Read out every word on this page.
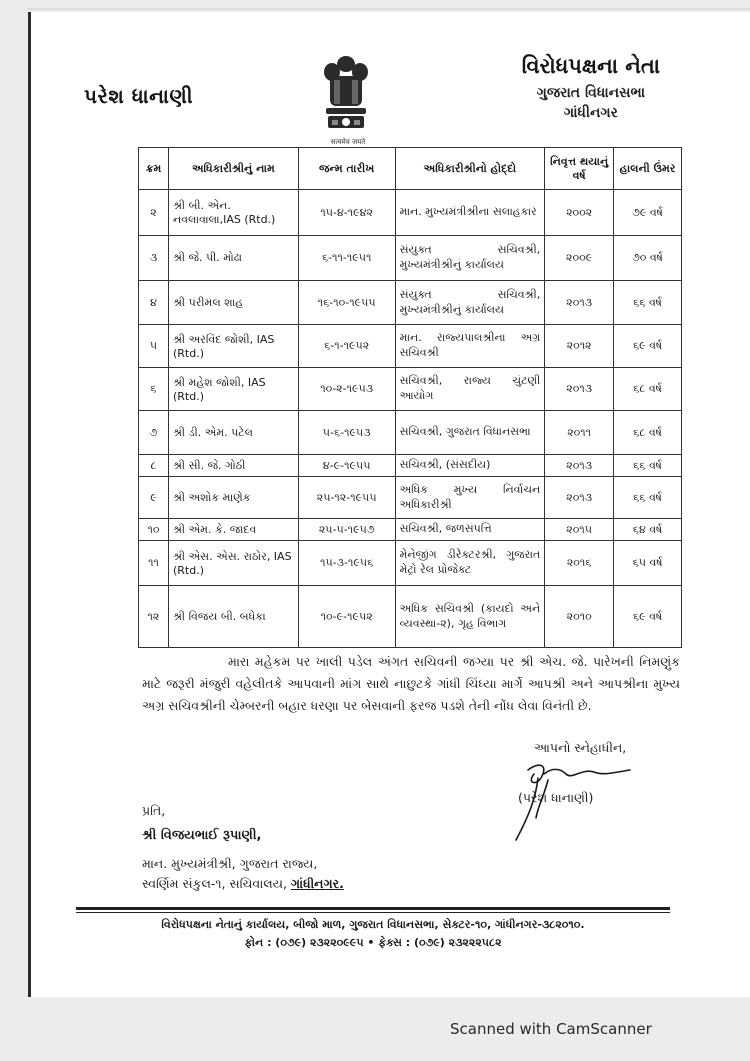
પરેશ ધાનાણી
सत्यमेव जयते
વિરોધપક્ષના નેતા
ગુજરાત વિધાનસભા
ગાંધીનગર
ક્રમ	અધિકારીશ્રીનું નામ	જન્મ તારીખ	અધિકારીશ્રીનો હોદ્દો	નિવૃત્ત થયાનું વર્ષ	હાલની ઉંમર
૨	શ્રી બી. એન. નવલાવાલા,IAS (Rtd.)	૧૫-૪-૧૯૪૨	માન. મુખ્યમંત્રીશ્રીના સલાહકાર	૨૦૦૨	૭૯ વર્ષ
૩	શ્રી જે. પી. મોઢા	૬-૧૧-૧૯૫૧	સંયુક્ત સચિવશ્રી, મુખ્યમંત્રીશ્રીનું કાર્યાલય	૨૦૦૯	૭૦ વર્ષ
૪	શ્રી પરીમલ શાહ	૧૬-૧૦-૧૯૫૫	સંયુક્ત સચિવશ્રી, મુખ્યમંત્રીશ્રીનું કાર્યાલય	૨૦૧૩	૬૬ વર્ષ
૫	શ્રી અરવિંદ જોશી, IAS (Rtd.)	૬-૧-૧૯૫૨	માન. રાજ્યપાલશ્રીના અગ્ર સચિવશ્રી	૨૦૧૨	૬૯ વર્ષ
૬	શ્રી મહેશ જોશી, IAS (Rtd.)	૧૦-૨-૧૯૫૩	સચિવશ્રી, રાજ્ય ચુંટણી આયોગ	૨૦૧૩	૬૮ વર્ષ
૭	શ્રી ડી. એમ. પટેલ	૫-૬-૧૯૫૩	સચિવશ્રી, ગુજરાત વિધાનસભા	૨૦૧૧	૬૮ વર્ષ
૮	શ્રી સી. જે. ગોઠી	૪-૯-૧૯૫૫	સચિવશ્રી, (સંસદીય)	૨૦૧૩	૬૬ વર્ષ
૯	શ્રી અશોક માણેક	૨૫-૧૨-૧૯૫૫	અધિક મુખ્ય નિર્વાચન અધિકારીશ્રી	૨૦૧૩	૬૬ વર્ષ
૧૦	શ્રી એમ. કે. જાદવ	૨૫-૫-૧૯૫૭	સચિવશ્રી, જળસંપત્તિ	૨૦૧૫	૬૪ વર્ષ
૧૧	શ્રી એસ. એસ. રાઠોર, IAS (Rtd.)	૧૫-૩-૧૯૫૬	મેનેજીંગ ડીરેક્ટરશ્રી, ગુજરાત મેટ્રો રેલ પ્રોજેક્ટ	૨૦૧૬	૬૫ વર્ષ
૧૨	શ્રી વિજય બી. બધેકા	૧૦-૯-૧૯૫૨	અધિક સચિવશ્રી (કાયદો અને વ્યવસ્થા-૨), ગૃહ વિભાગ	૨૦૧૦	૬૯ વર્ષ

મારા મહેકમ પર ખાલી પડેલ અંગત સચિવની જગ્યા પર શ્રી એચ. જે. પારેખની નિમણુંક માટે જરૂરી મંજુરી વહેલીતકે આપવાની માંગ સાથે નાછુટકે ગાંધી ચિંધ્યા માર્ગે આપશ્રી અને આપશ્રીના મુખ્ય અગ્ર સચિવશ્રીની ચેમ્બરની બહાર ધરણા પર બેસવાની ફરજ પડશે તેની નોંધ લેવા વિનંતી છે.

આપનો સ્નેહાધીન,
(પરેશ ધાનાણી)
પ્રતિ,
શ્રી વિજયભાઈ રૂપાણી,
માન. મુખ્યમંત્રીશ્રી, ગુજરાત રાજ્ય,
સ્વર્ણિમ સંકુલ-૧, સચિવાલય, ગાંધીનગર.
વિરોધપક્ષના નેતાનું કાર્યાલય, બીજો માળ, ગુજરાત વિધાનસભા, સેક્ટર-૧૦, ગાંધીનગર-૩૮૨૦૧૦.
ફોન : (૦૭૯) ૨૩૨૨૦૯૯૫ • ફેક્સ : (૦૭૯) ૨૩૨૨૨૫૮૨
Scanned with CamScanner
